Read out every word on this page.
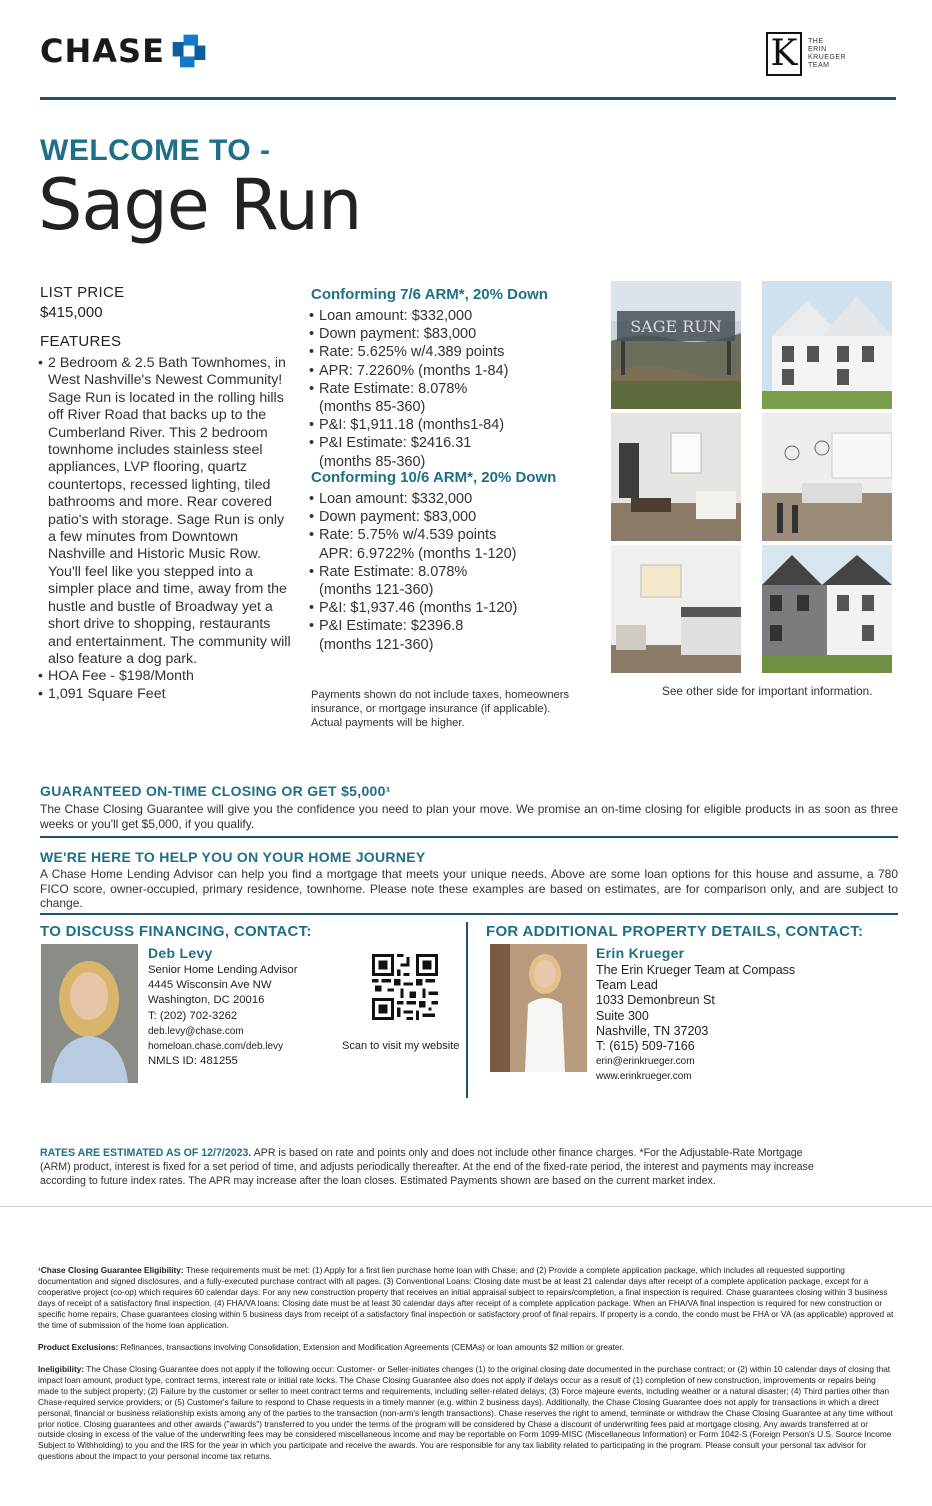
CHASE	K	THE
ERIN
KRUEGER
TEAM
WELCOME TO -
Sage Run
LIST PRICE
$415,000
FEATURES
• 2 Bedroom & 2.5 Bath Townhomes, in West Nashville's Newest Community! Sage Run is located in the rolling hills off River Road that backs up to the Cumberland River. This 2 bedroom townhome includes stainless steel appliances, LVP flooring, quartz countertops, recessed lighting, tiled bathrooms and more. Rear covered patio's with storage. Sage Run is only a few minutes from Downtown Nashville and Historic Music Row. You'll feel like you stepped into a simpler place and time, away from the hustle and bustle of Broadway yet a short drive to shopping, restaurants and entertainment. The community will also feature a dog park.
• HOA Fee - $198/Month
• 1,091 Square Feet
Conforming 7/6 ARM*, 20% Down
• Loan amount: $332,000
• Down payment: $83,000
• Rate: 5.625% w/4.389 points
• APR: 7.2260% (months 1-84)
• Rate Estimate: 8.078%
(months 85-360)
• P&I: $1,911.18 (months1-84)
• P&I Estimate: $2416.31
(months 85-360)
Conforming 10/6 ARM*, 20% Down
• Loan amount: $332,000
• Down payment: $83,000
• Rate: 5.75% w/4.539 points
APR: 6.9722% (months 1-120)
• Rate Estimate: 8.078%
(months 121-360)
• P&I: $1,937.46 (months 1-120)
• P&I Estimate: $2396.8
(months 121-360)
Payments shown do not include taxes, homeowners insurance, or mortgage insurance (if applicable). Actual payments will be higher.
SAGE RUN
See other side for important information.
GUARANTEED ON-TIME CLOSING OR GET $5,000¹
The Chase Closing Guarantee will give you the confidence you need to plan your move. We promise an on-time closing for eligible products in as soon as three weeks or you'll get $5,000, if you qualify.
WE'RE HERE TO HELP YOU ON YOUR HOME JOURNEY
A Chase Home Lending Advisor can help you find a mortgage that meets your unique needs. Above are some loan options for this house and assume, a 780 FICO score, owner-occupied, primary residence, townhome. Please note these examples are based on estimates, are for comparison only, and are subject to change.
TO DISCUSS FINANCING, CONTACT:
Deb Levy
Senior Home Lending Advisor
4445 Wisconsin Ave NW
Washington, DC 20016
T: (202) 702-3262
deb.levy@chase.com
homeloan.chase.com/deb.levy
NMLS ID: 481255
Scan to visit my website
FOR ADDITIONAL PROPERTY DETAILS, CONTACT:
Erin Krueger
The Erin Krueger Team at Compass
Team Lead
1033 Demonbreun St
Suite 300
Nashville, TN 37203
T: (615) 509-7166
erin@erinkrueger.com
www.erinkrueger.com
RATES ARE ESTIMATED AS OF 12/7/2023. APR is based on rate and points only and does not include other finance charges. *For the Adjustable-Rate Mortgage (ARM) product, interest is fixed for a set period of time, and adjusts periodically thereafter. At the end of the fixed-rate period, the interest and payments may increase according to future index rates. The APR may increase after the loan closes. Estimated Payments shown are based on the current market index.
¹Chase Closing Guarantee Eligibility: These requirements must be met: (1) Apply for a first lien purchase home loan with Chase; and (2) Provide a complete application package, which includes all requested supporting documentation and signed disclosures, and a fully-executed purchase contract with all pages. (3) Conventional Loans: Closing date must be at least 21 calendar days after receipt of a complete application package, except for a cooperative project (co-op) which requires 60 calendar days. For any new construction property that receives an initial appraisal subject to repairs/completion, a final inspection is required. Chase guarantees closing within 3 business days of receipt of a satisfactory final inspection. (4) FHA/VA loans: Closing date must be at least 30 calendar days after receipt of a complete application package. When an FHA/VA final inspection is required for new construction or specific home repairs, Chase guarantees closing within 5 business days from receipt of a satisfactory final inspection or satisfactory proof of final repairs. If property is a condo, the condo must be FHA or VA (as applicable) approved at the time of submission of the home loan application.
Product Exclusions: Refinances, transactions involving Consolidation, Extension and Modification Agreements (CEMAs) or loan amounts $2 million or greater.
Ineligibility: The Chase Closing Guarantee does not apply if the following occur: Customer- or Seller-initiates changes (1) to the original closing date documented in the purchase contract; or (2) within 10 calendar days of closing that impact loan amount, product type, contract terms, interest rate or initial rate locks. The Chase Closing Guarantee also does not apply if delays occur as a result of (1) completion of new construction, improvements or repairs being made to the subject property; (2) Failure by the customer or seller to meet contract terms and requirements, including seller-related delays; (3) Force majeure events, including weather or a natural disaster; (4) Third parties other than Chase-required service providers; or (5) Customer's failure to respond to Chase requests in a timely manner (e.g. within 2 business days). Additionally, the Chase Closing Guarantee does not apply for transactions in which a direct personal, financial or business relationship exists among any of the parties to the transaction (non-arm's length transactions). Chase reserves the right to amend, terminate or withdraw the Chase Closing Guarantee at any time without prior notice. Closing guarantees and other awards ("awards") transferred to you under the terms of the program will be considered by Chase a discount of underwriting fees paid at mortgage closing. Any awards transferred at or outside closing in excess of the value of the underwriting fees may be considered miscellaneous income and may be reportable on Form 1099-MISC (Miscellaneous Information) or Form 1042-S (Foreign Person's U.S. Source Income Subject to Withholding) to you and the IRS for the year in which you participate and receive the awards. You are responsible for any tax liability related to participating in the program. Please consult your personal tax advisor for questions about the impact to your personal income tax returns.
